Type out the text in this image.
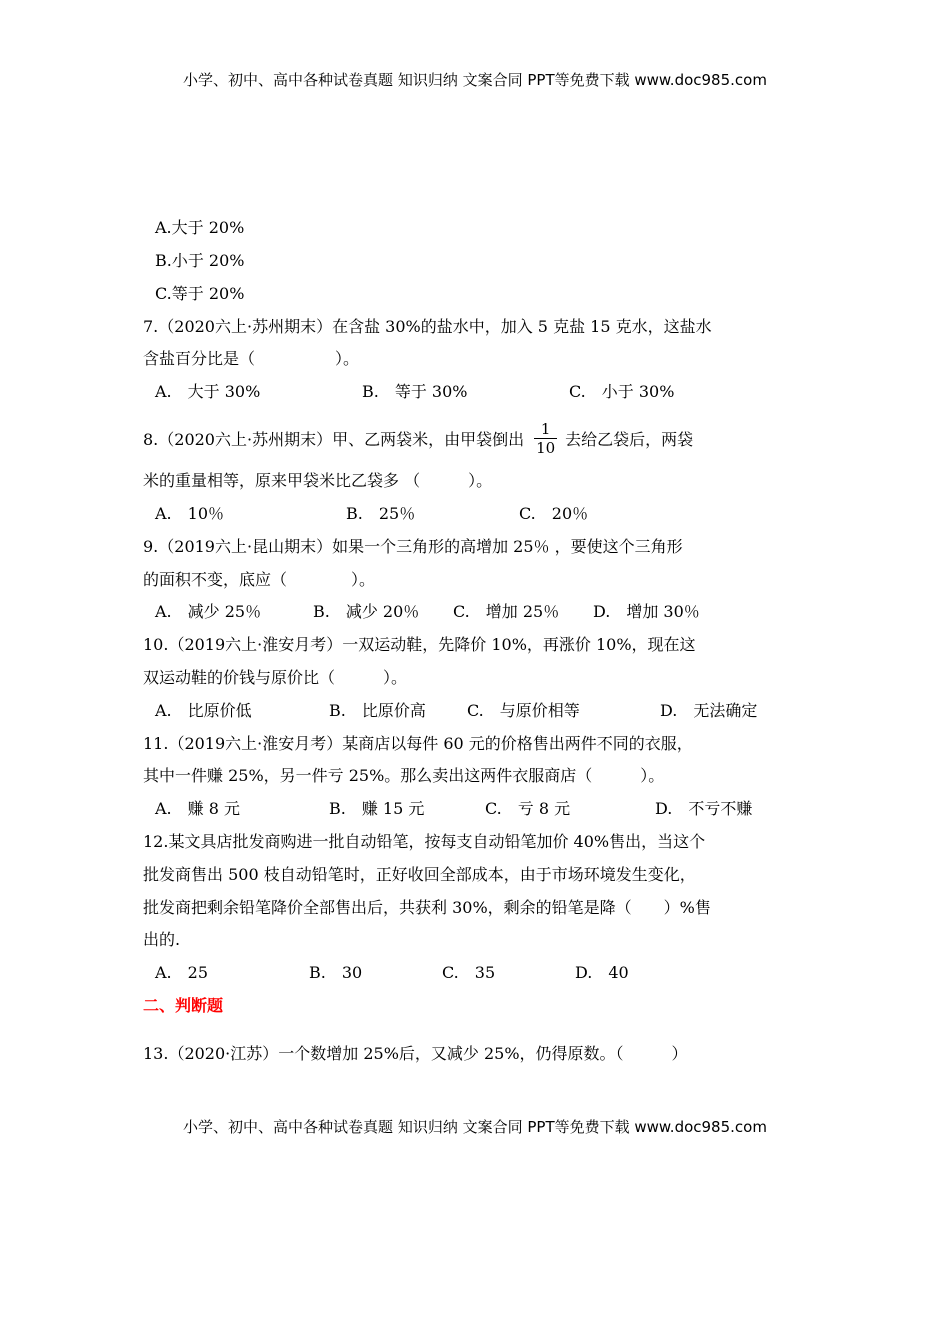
小学、初中、高中各种试卷真题 知识归纳 文案合同 PPT等免费下载 www.doc985.com
A.大于 20%
B.小于 20%
C.等于 20%
7.（2020六上·苏州期末）在含盐 30%的盐水中，加入 5 克盐 15 克水，这盐水
含盐百分比是（　　　　　）。
A.　大于 30%	B.　等于 30%	C.　小于 30%
8.（2020六上·苏州期末）甲、乙两袋米，由甲袋倒出 $\frac{1}{10}$ 去给乙袋后，两袋
米的重量相等，原来甲袋米比乙袋多 （　　　）。
A.　10％	B.　25％	C.　20％
9.（2019六上·昆山期末）如果一个三角形的高增加 25％ ，要使这个三角形
的面积不变，底应（　　　　）。
A.　减少 25％	B.　减少 20％ C.　增加 25％ D.　增加 30％
10.（2019六上·淮安月考）一双运动鞋，先降价 10%，再涨价 10%，现在这
双运动鞋的价钱与原价比（　　　）。
A.　比原价低	B.　比原价高	C.　与原价相等	D.　无法确定
11.（2019六上·淮安月考）某商店以每件 60 元的价格售出两件不同的衣服，
其中一件赚 25%，另一件亏 25%。那么卖出这两件衣服商店（　　　）。
A.　赚 8 元	B.　赚 15 元	C.　亏 8 元	D.　不亏不赚
12.某文具店批发商购进一批自动铅笔，按每支自动铅笔加价 40%售出，当这个
批发商售出 500 枝自动铅笔时，正好收回全部成本，由于市场环境发生变化，
批发商把剩余铅笔降价全部售出后，共获利 30%，剩余的铅笔是降（　　）%售
出的.
A.　25	B.　30	C.　35	D.　40
二、判断题
13.（2020·江苏）一个数增加 25%后，又减少 25%，仍得原数。（　　　）
小学、初中、高中各种试卷真题 知识归纳 文案合同 PPT等免费下载 www.doc985.com
